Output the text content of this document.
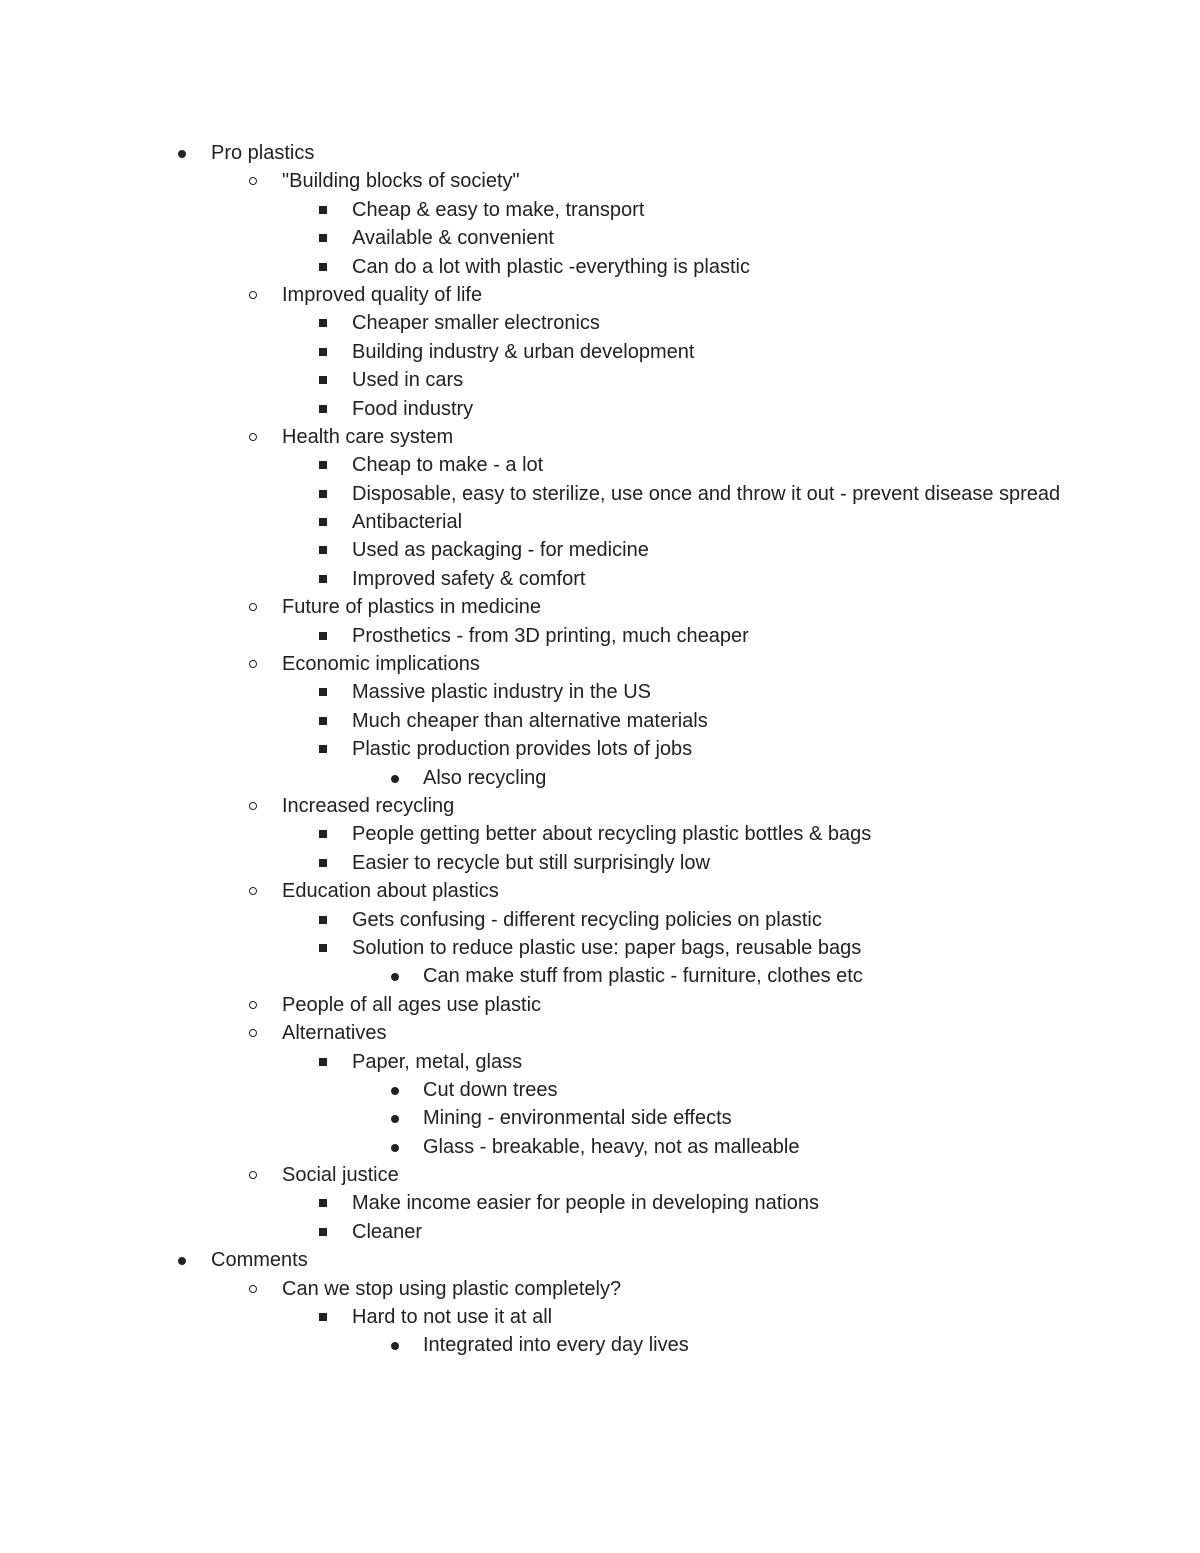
Pro plastics
"Building blocks of society"
Cheap & easy to make, transport
Available & convenient
Can do a lot with plastic -everything is plastic
Improved quality of life
Cheaper smaller electronics
Building industry & urban development
Used in cars
Food industry
Health care system
Cheap to make - a lot
Disposable, easy to sterilize, use once and throw it out - prevent disease spread
Antibacterial
Used as packaging - for medicine
Improved safety & comfort
Future of plastics in medicine
Prosthetics - from 3D printing, much cheaper
Economic implications
Massive plastic industry in the US
Much cheaper than alternative materials
Plastic production provides lots of jobs
Also recycling
Increased recycling
People getting better about recycling plastic bottles & bags
Easier to recycle but still surprisingly low
Education about plastics
Gets confusing - different recycling policies on plastic
Solution to reduce plastic use: paper bags, reusable bags
Can make stuff from plastic - furniture, clothes etc
People of all ages use plastic
Alternatives
Paper, metal, glass
Cut down trees
Mining - environmental side effects
Glass - breakable, heavy, not as malleable
Social justice
Make income easier for people in developing nations
Cleaner
Comments
Can we stop using plastic completely?
Hard to not use it at all
Integrated into every day lives
